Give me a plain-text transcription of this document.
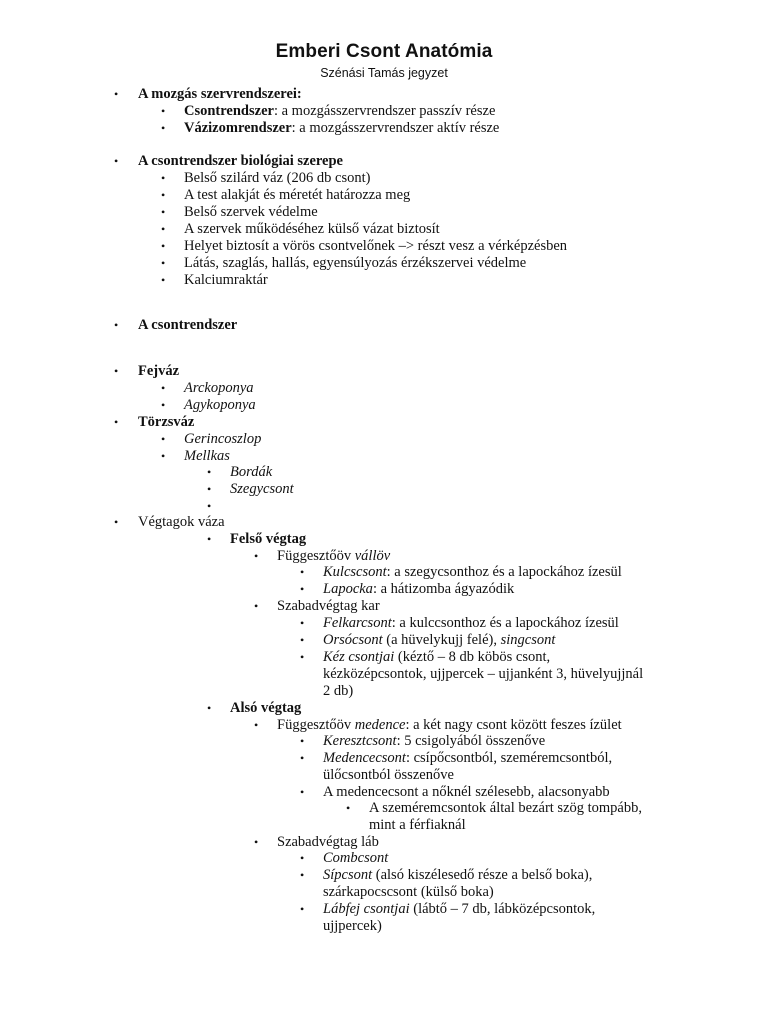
Emberi Csont Anatómia
Szénási Tamás jegyzet
• A mozgás szervrendszerei:
• Csontrendszer: a mozgásszervrendszer passzív része
• Vázizomrendszer: a mozgásszervrendszer aktív része
• A csontrendszer biológiai szerepe
• Belső szilárd váz (206 db csont)
• A test alakját és méretét határozza meg
• Belső szervek védelme
• A szervek működéséhez külső vázat biztosít
• Helyet biztosít a vörös csontvelőnek –> részt vesz a vérképzésben
• Látás, szaglás, hallás, egyensúlyozás érzékszervei védelme
• Kalciumraktár
• A csontrendszer
• Fejváz
• Arckoponya
• Agykoponya
• Törzsváz
• Gerincoszlop
• Mellkas
• Bordák
• Szegycsont
•
• Végtagok váza
• Felső végtag
• Függesztőöv vállöv
• Kulcscsont: a szegycsonthoz és a lapockához ízesül
• Lapocka: a hátizomba ágyazódik
• Szabadvégtag kar
• Felkarcsont: a kulccsonthoz és a lapockához ízesül
• Orsócsont (a hüvelykujj felé), singcsont
• Kéz csontjai (kéztő – 8 db köbös csont,
kézközépcsontok, ujjpercek – ujjanként 3, hüvelyujjnál
2 db)
• Alsó végtag
• Függesztőöv medence: a két nagy csont között feszes ízület
• Keresztcsont: 5 csigolyából összenőve
• Medencecsont: csípőcsontból, szeméremcsontból,
ülőcsontból összenőve
• A medencecsont a nőknél szélesebb, alacsonyabb
• A szeméremcsontok által bezárt szög tompább,
mint a férfiaknál
• Szabadvégtag láb
• Combcsont
• Sípcsont (alsó kiszélesedő része a belső boka),
szárkapocscsont (külső boka)
• Lábfej csontjai (lábtő – 7 db, lábközépcsontok,
ujjpercek)
